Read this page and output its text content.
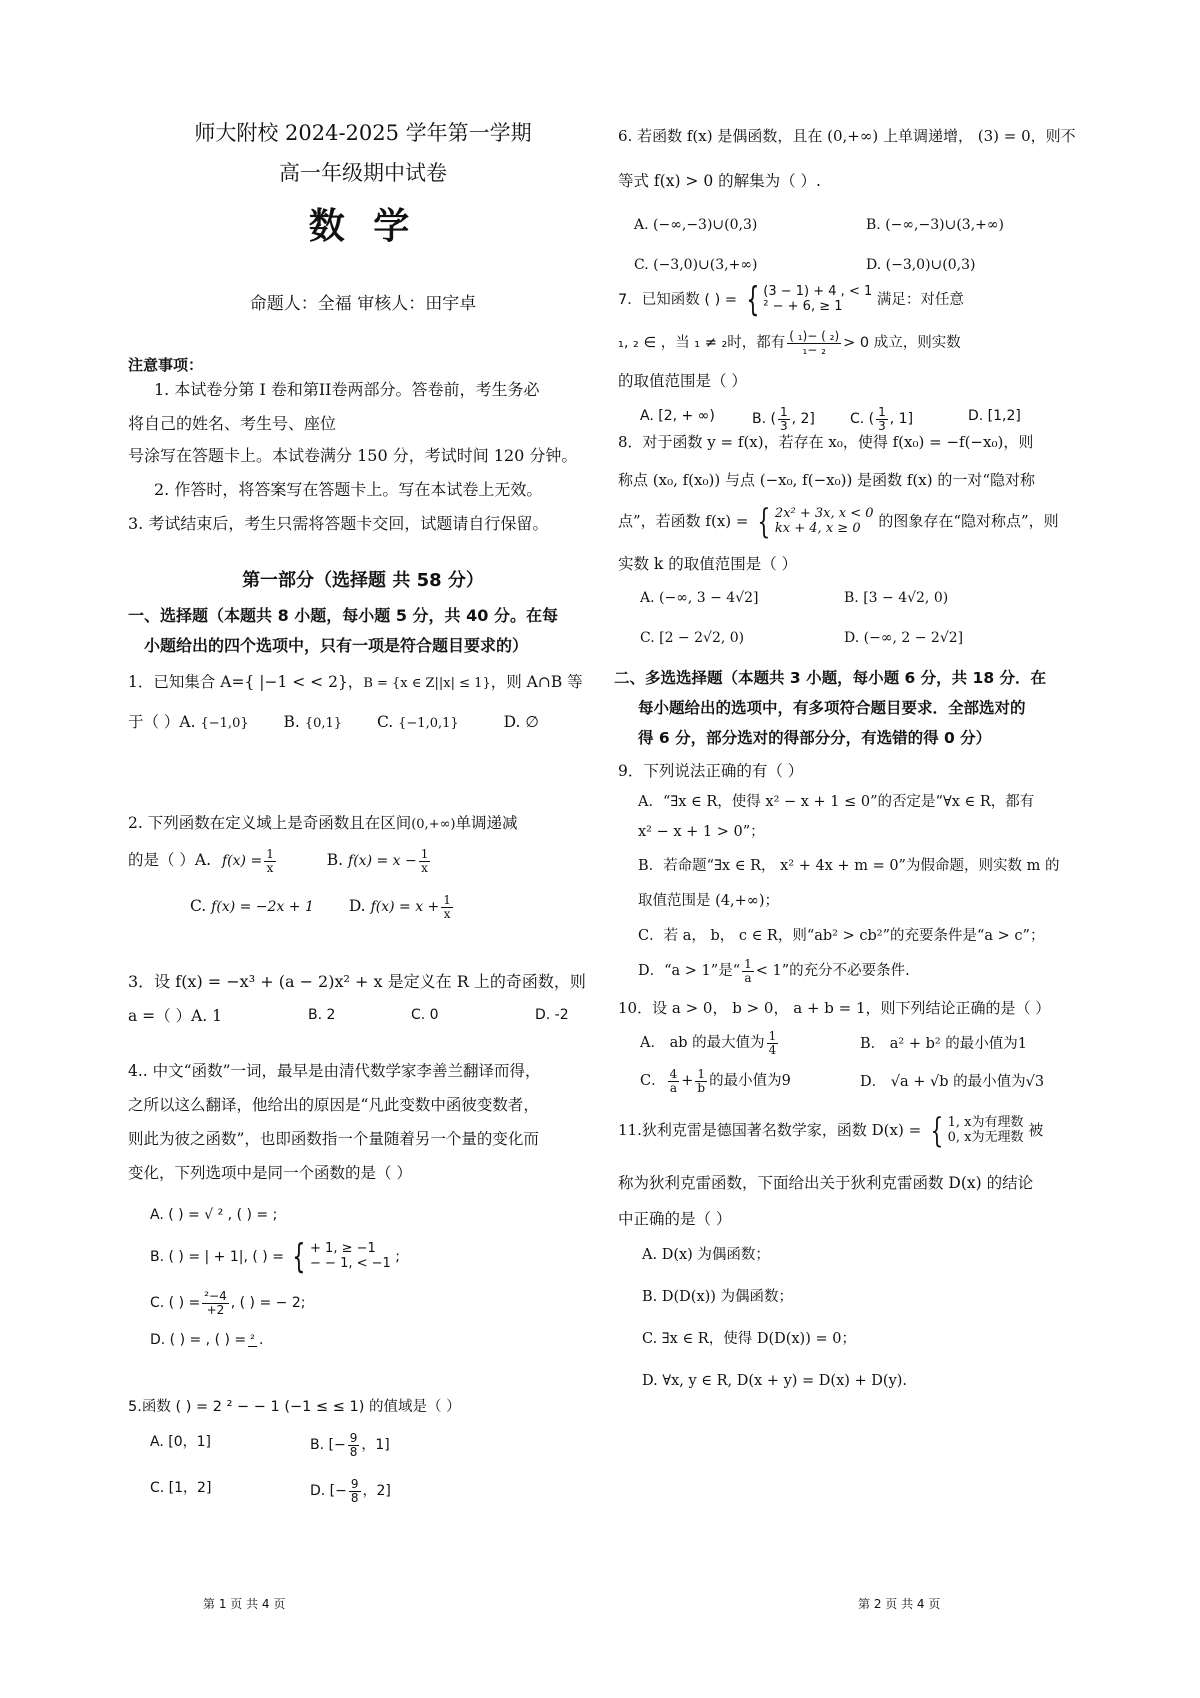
师大附校 2024-2025 学年第一学期
高一年级期中试卷
数 学
命题人：全福 审核人：田宇卓
注意事项：
1. 本试卷分第 I 卷和第II卷两部分。答卷前，考生务必
将自己的姓名、考生号、座位
号涂写在答题卡上。本试卷满分 150 分，考试时间 120 分钟。
2. 作答时，将答案写在答题卡上。写在本试卷上无效。
3. 考试结束后，考生只需将答题卡交回，试题请自行保留。
第一部分（选择题 共 58 分）
一、选择题（本题共 8 小题，每小题 5 分，共 40 分。在每
小题给出的四个选项中，只有一项是符合题目要求的）
1．已知集合 A={ |−1 < < 2}，B = {x ∈ Z||x| ≤ 1}，则 A∩B 等
于（ ）A. {−1,0} B. {0,1} C. {−1,0,1}	D. ∅
2. 下列函数在定义域上是奇函数且在区间(0,+∞)单调递减
的是（ ）A. $f(x) = \frac{1}{x}$	B. $f(x) = x - \frac{1}{x}$
C. f(x) = −2x + 1 D. $f(x) = x + \frac{1}{x}$
3．设 f(x) = −x³ + (a − 2)x² + x 是定义在 R 上的奇函数，则
a =（ ）A. 1	B. 2	C. 0	D. -2
4.. 中文“函数”一词，最早是由清代数学家李善兰翻译而得，
之所以这么翻译，他给出的原因是“凡此变数中函彼变数者，
则此为彼之函数”，也即函数指一个量随着另一个量的变化而
变化，下列选项中是同一个函数的是（ ）
A. ( ) = √ ² , ( ) = ;
B. ( ) = | + 1|, ( ) = { + 1, ≥ −1
− − 1, < −1 ;
C. ( ) = $\frac{\text{²−4}}{+2}$ , ( ) = − 2;
D. ( ) = , ( ) = ² .
5.函数 ( ) = 2 ² − − 1 (−1 ≤ ≤ 1) 的值域是（ ）
A. [0，1]	B. [− $\frac{9}{8}$ ，1]
C. [1，2]	D. [− $\frac{9}{8}$ ，2]
第 1 页 共 4 页
6. 若函数 f(x) 是偶函数，且在 (0,+∞) 上单调递增， (3) = 0，则不
等式 f(x) > 0 的解集为（ ）.
A. (−∞,−3)∪(0,3)	B. (−∞,−3)∪(3,+∞)
C. (−3,0)∪(3,+∞)	D. (−3,0)∪(0,3)
7．已知函数 ( ) = { (3 − 1) + 4 , < 1
² − + 6, ≥ 1	满足：对任意
₁, ₂ ∈ ，当 ₁ ≠ ₂时，都有 $\frac{\text{( ₁)− ( ₂)}}{\text{₁− ₂}} > 0$ 成立，则实数
的取值范围是（ ）
A. [2, + ∞)	B. ( $\frac{1}{3}$ , 2]	C. ( $\frac{1}{3}$ , 1]	D. [1,2]
8．对于函数 y = f(x)，若存在 x₀，使得 f(x₀) = −f(−x₀)，则
称点 (x₀, f(x₀)) 与点 (−x₀, f(−x₀)) 是函数 f(x) 的一对“隐对称
点”，若函数 f(x) = { 2x² + 3x, x < 0
kx + 4, x ≥ 0	的图象存在“隐对称点”，则
实数 k 的取值范围是（ ）
A. (−∞, 3 − 4√2]	B. [3 − 4√2, 0)
C. [2 − 2√2, 0)	D. (−∞, 2 − 2√2]
二、多选选择题（本题共 3 小题，每小题 6 分，共 18 分．在
每小题给出的选项中，有多项符合题目要求．全部选对的
得 6 分，部分选对的得部分分，有选错的得 0 分）
9．下列说法正确的有（ ）
A．“∃x ∈ R，使得 x² − x + 1 ≤ 0”的否定是“∀x ∈ R，都有
x² − x + 1 > 0”；
B．若命题“∃x ∈ R， x² + 4x + m = 0”为假命题，则实数 m 的
取值范围是 (4,+∞)；
C．若 a， b， c ∈ R，则“ab² > cb²”的充要条件是“a > c”；
D．“a > 1”是“ $\frac{1}{a} < 1$”的充分不必要条件.
10．设 a > 0， b > 0， a + b = 1，则下列结论正确的是（ ）
A． ab 的最大值为 $\frac{1}{4}$	B． a² + b² 的最小值为1
C． $\frac{4}{a} + \frac{1}{b}$ 的最小值为9	D． √a + √b 的最小值为√3
11.狄利克雷是德国著名数学家，函数 D(x) = { 1, x为有理数
0, x为无理数 被
称为狄利克雷函数，下面给出关于狄利克雷函数 D(x) 的结论
中正确的是（ ）
A. D(x) 为偶函数；
B. D(D(x)) 为偶函数；
C. ∃x ∈ R，使得 D(D(x)) = 0；
D. ∀x, y ∈ R, D(x + y) = D(x) + D(y).
第 2 页 共 4 页
